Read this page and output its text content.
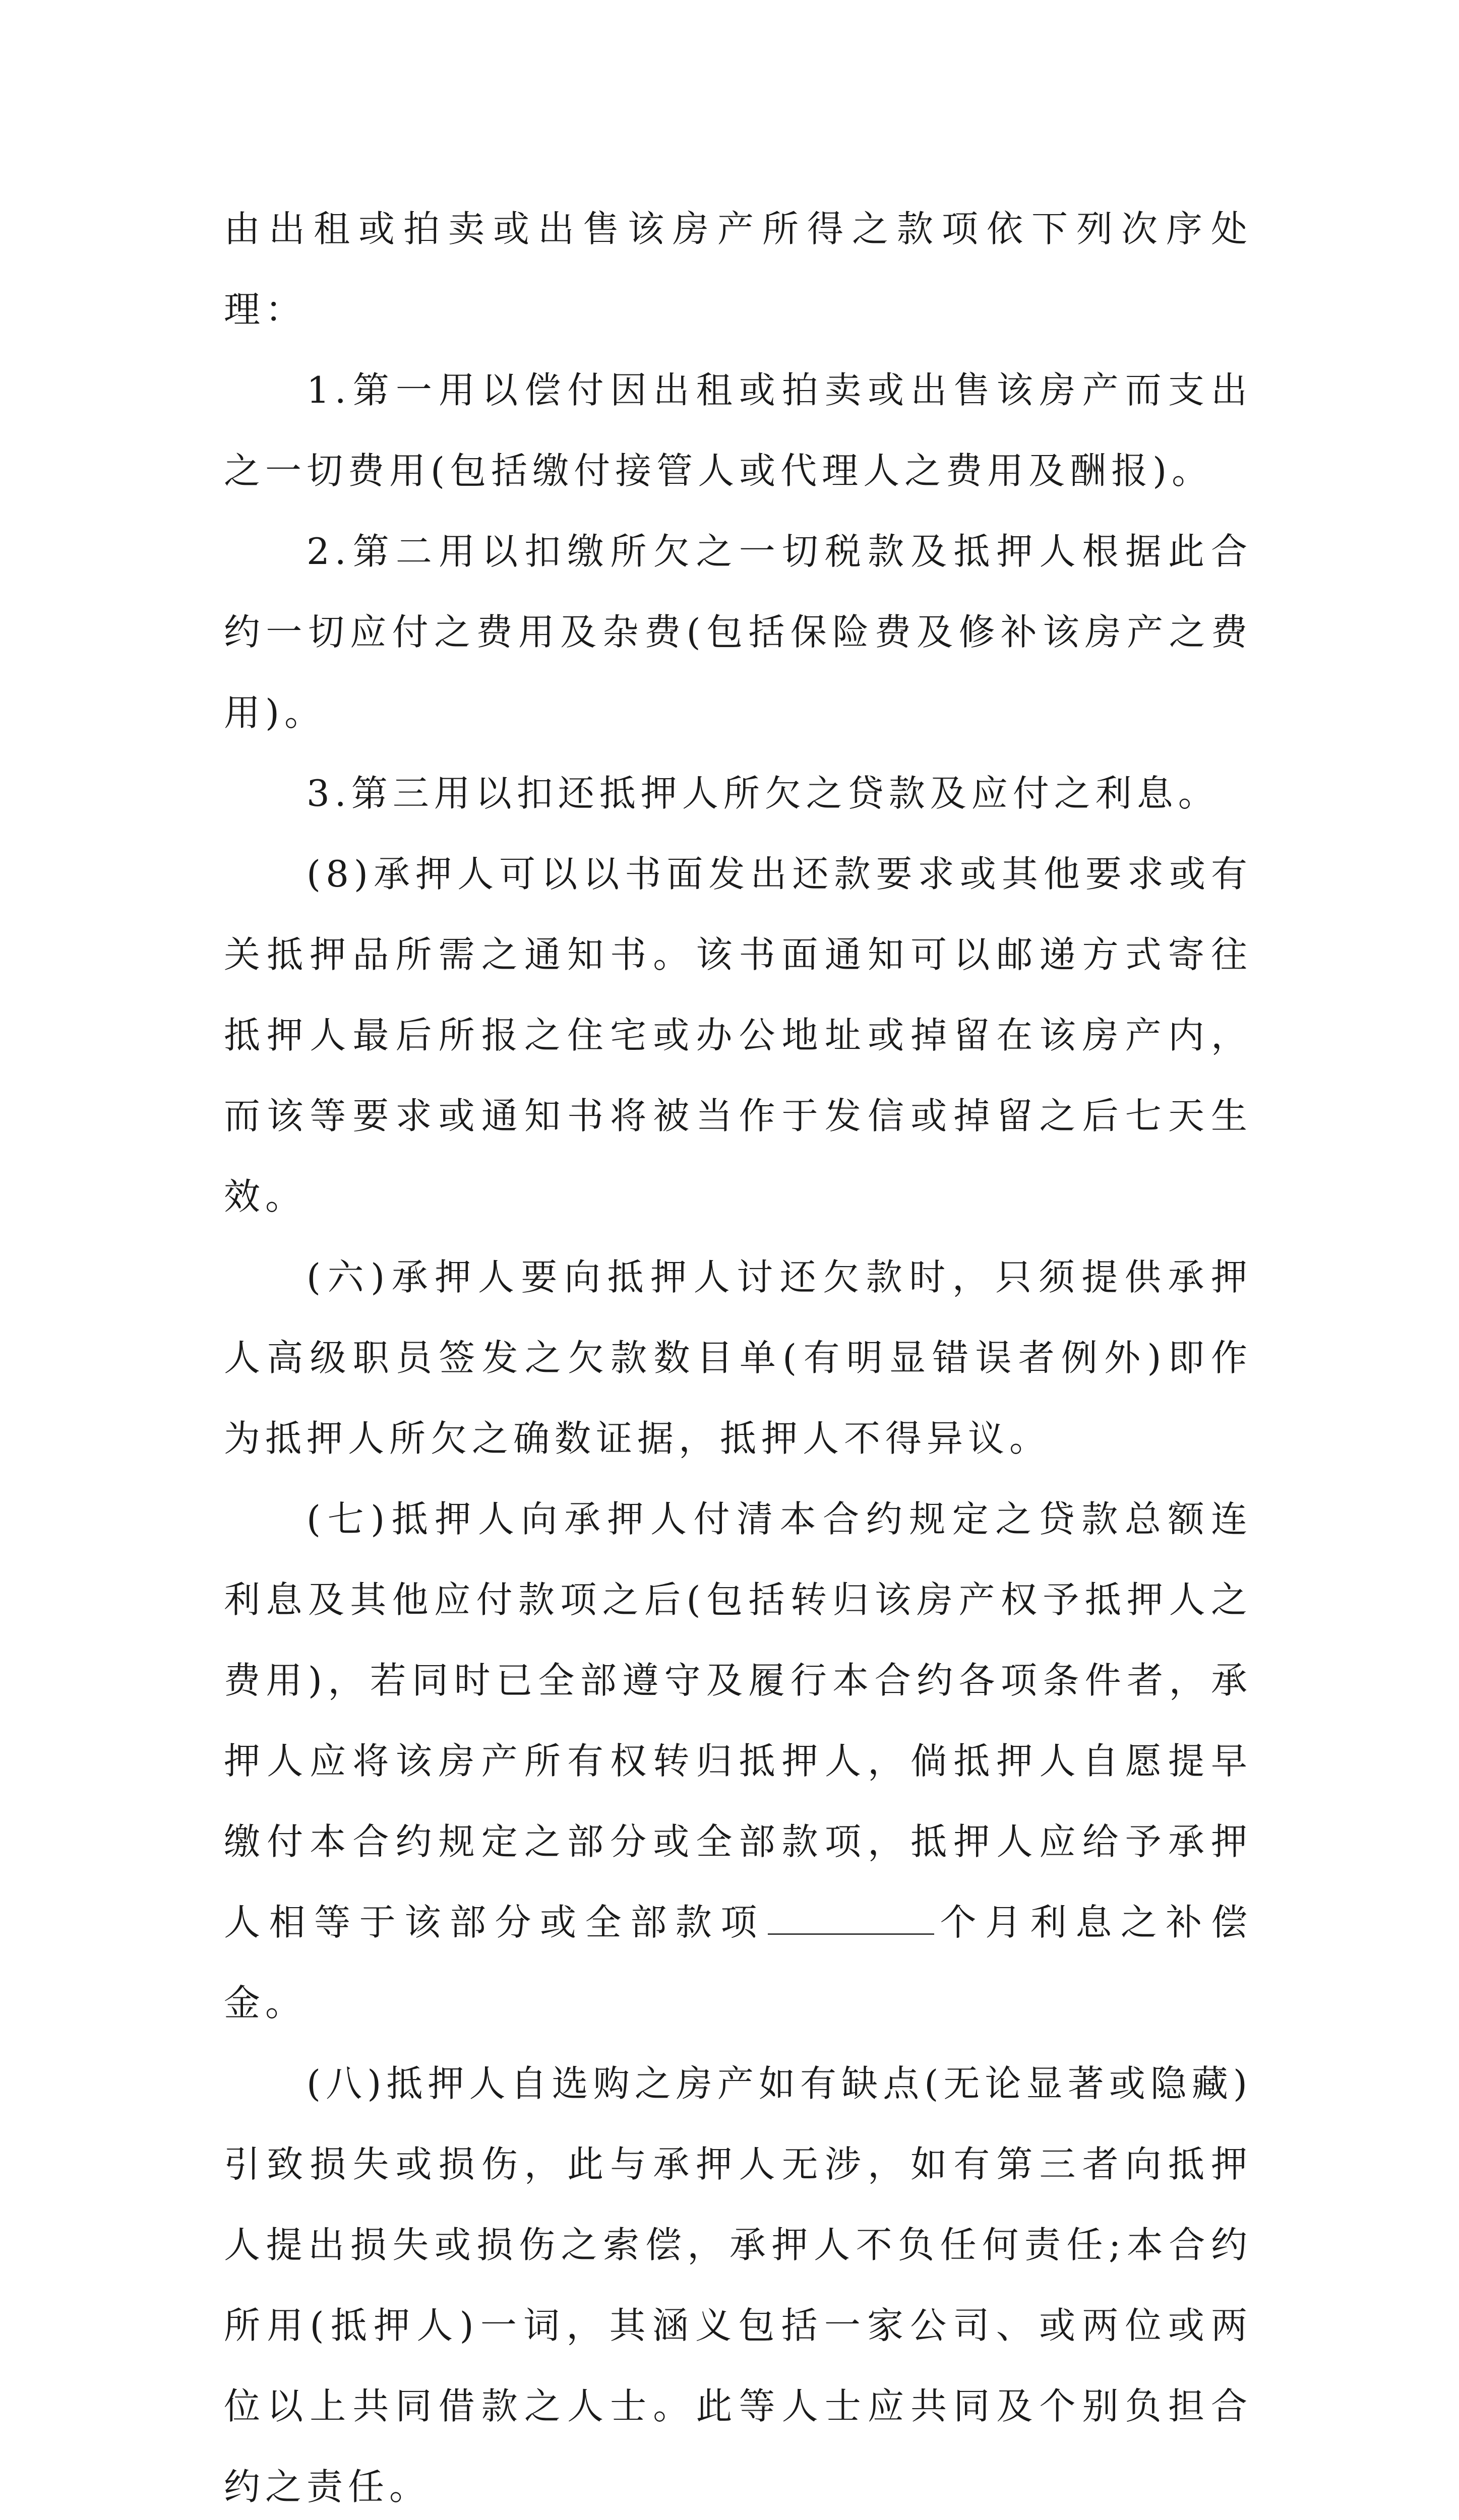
由出租或拍卖或出售该房产所得之款项依下列次序处理：

1.第一用以偿付因出租或拍卖或出售该房产而支出之一切费用(包括缴付接管人或代理人之费用及酬报)。

2.第二用以扣缴所欠之一切税款及抵押人根据此合约一切应付之费用及杂费(包括保险费及修补该房产之费用)。

3.第三用以扣还抵押人所欠之贷款及应付之利息。

(8)承押人可以以书面发出还款要求或其他要求或有关抵押品所需之通知书。该书面通知可以邮递方式寄往抵押人最后所报之住宅或办公地址或掉留在该房产内，而该等要求或通知书将被当作于发信或掉留之后七天生效。

(六)承押人要向抵押人讨还欠款时，只须提供承押人高级职员签发之欠款数目单(有明显错误者例外)即作为抵押人所欠之确数证据，抵押人不得异议。

(七)抵押人向承押人付清本合约规定之贷款总额连利息及其他应付款项之后(包括转归该房产权予抵押人之费用)，若同时已全部遵守及履行本合约各项条件者，承押人应将该房产所有权转归抵押人，倘抵押人自愿提早缴付本合约规定之部分或全部款项，抵押人应给予承押人相等于该部分或全部款项	个月利息之补偿金。

(八)抵押人自选购之房产如有缺点(无论显著或隐藏)引致损失或损伤，此与承押人无涉，如有第三者向抵押人提出损失或损伤之索偿，承押人不负任何责任;本合约所用(抵押人)一词，其涵义包括一家公司、或两位或两位以上共同借款之人士。此等人士应共同及个别负担合约之责任。
